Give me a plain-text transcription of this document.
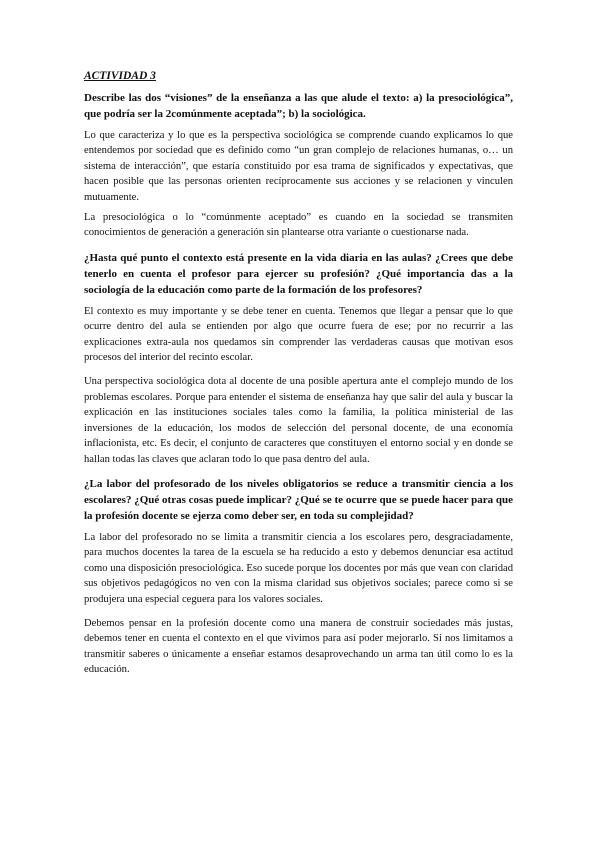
ACTIVIDAD 3
Describe las dos “visiones” de la enseñanza a las que alude el texto: a) la presociológica”, que podría ser la 2comúnmente aceptada”; b) la sociológica.
Lo que caracteriza y lo que es la perspectiva sociológica se comprende cuando explicamos lo que entendemos por sociedad que es definido como “un gran complejo de relaciones humanas, o… un sistema de interacción”, que estaría constituido por esa trama de significados y expectativas, que hacen posible que las personas orienten recíprocamente sus acciones y se relacionen y vinculen mutuamente.
La presociológica o lo “comúnmente aceptado” es cuando en la sociedad se transmiten conocimientos de generación a generación sin plantearse otra variante o cuestionarse nada.
¿Hasta qué punto el contexto está presente en la vida diaria en las aulas? ¿Crees que debe tenerlo en cuenta el profesor para ejercer su profesión? ¿Qué importancia das a la sociología de la educación como parte de la formación de los profesores?
El contexto es muy importante y se debe tener en cuenta. Tenemos que llegar a pensar que lo que ocurre dentro del aula se entienden por algo que ocurre fuera de ese; por no recurrir a las explicaciones extra-aula nos quedamos sin comprender las verdaderas causas que motivan esos procesos del interior del recinto escolar.
Una perspectiva sociológica dota al docente de una posible apertura ante el complejo mundo de los problemas escolares. Porque para entender el sistema de enseñanza hay que salir del aula y buscar la explicación en las instituciones sociales tales como la familia, la política ministerial de las inversiones de la educación, los modos de selección del personal docente, de una economía inflacionista, etc. Es decir, el conjunto de caracteres que constituyen el entorno social y en donde se hallan todas las claves que aclaran todo lo que pasa dentro del aula.
¿La labor del profesorado de los niveles obligatorios se reduce a transmitir ciencia a los escolares? ¿Qué otras cosas puede implicar? ¿Qué se te ocurre que se puede hacer para que la profesión docente se ejerza como deber ser, en toda su complejidad?
La labor del profesorado no se limita a transmitir ciencia a los escolares pero, desgraciadamente, para muchos docentes la tarea de la escuela se ha reducido a esto y debemos denunciar esa actitud como una disposición presociológica. Eso sucede porque los docentes por más que vean con claridad sus objetivos pedagógicos no ven con la misma claridad sus objetivos sociales; parece como si se produjera una especial ceguera para los valores sociales.
Debemos pensar en la profesión docente como una manera de construir sociedades más justas, debemos tener en cuenta el contexto en el que vivimos para así poder mejorarlo. Si nos limitamos a transmitir saberes o únicamente a enseñar estamos desaprovechando un arma tan útil como lo es la educación.
